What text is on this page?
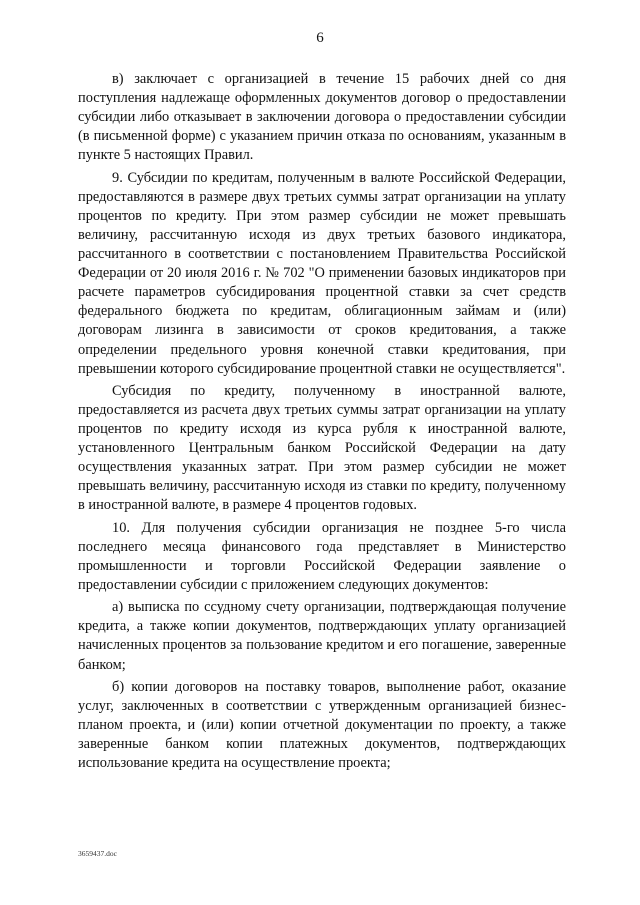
6

в) заключает с организацией в течение 15 рабочих дней со дня поступления надлежаще оформленных документов договор о предоставлении субсидии либо отказывает в заключении договора о предоставлении субсидии (в письменной форме) с указанием причин отказа по основаниям, указанным в пункте 5 настоящих Правил.

9. Субсидии по кредитам, полученным в валюте Российской Федерации, предоставляются в размере двух третьих суммы затрат организации на уплату процентов по кредиту. При этом размер субсидии не может превышать величину, рассчитанную исходя из двух третьих базового индикатора, рассчитанного в соответствии с постановлением Правительства Российской Федерации от 20 июля 2016 г. № 702 "О применении базовых индикаторов при расчете параметров субсидирования процентной ставки за счет средств федерального бюджета по кредитам, облигационным займам и (или) договорам лизинга в зависимости от сроков кредитования, а также определении предельного уровня конечной ставки кредитования, при превышении которого субсидирование процентной ставки не осуществляется".

Субсидия по кредиту, полученному в иностранной валюте, предоставляется из расчета двух третьих суммы затрат организации на уплату процентов по кредиту исходя из курса рубля к иностранной валюте, установленного Центральным банком Российской Федерации на дату осуществления указанных затрат. При этом размер субсидии не может превышать величину, рассчитанную исходя из ставки по кредиту, полученному в иностранной валюте, в размере 4 процентов годовых.

10. Для получения субсидии организация не позднее 5-го числа последнего месяца финансового года представляет в Министерство промышленности и торговли Российской Федерации заявление о предоставлении субсидии с приложением следующих документов:

а) выписка по ссудному счету организации, подтверждающая получение кредита, а также копии документов, подтверждающих уплату организацией начисленных процентов за пользование кредитом и его погашение, заверенные банком;

б) копии договоров на поставку товаров, выполнение работ, оказание услуг, заключенных в соответствии с утвержденным организацией бизнес-планом проекта, и (или) копии отчетной документации по проекту, а также заверенные банком копии платежных документов, подтверждающих использование кредита на осуществление проекта;

3659437.doc
